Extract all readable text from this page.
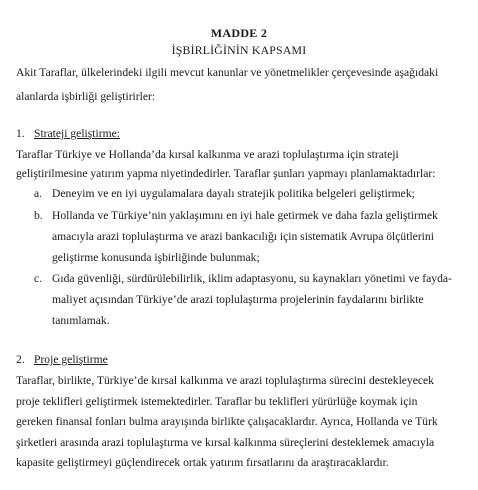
MADDE 2
İŞBİRLİĞİNİN KAPSAMI
Akit Taraflar, ülkelerindeki ilgili mevcut kanunlar ve yönetmelikler çerçevesinde aşağıdaki
alanlarda işbirliği geliştirirler:
1. Strateji geliştirme:
Taraflar Türkiye ve Hollanda’da kırsal kalkınma ve arazi toplulaştırma için strateji
geliştirilmesine yatırım yapma niyetindedirler. Taraflar şunları yapmayı planlamaktadırlar:
a. Deneyim ve en iyi uygulamalara dayalı stratejik politika belgeleri geliştirmek;
b. Hollanda ve Türkiye’nin yaklaşımını en iyi hale getirmek ve daha fazla geliştirmek
amacıyla arazi toplulaştırma ve arazi bankacılığı için sistematik Avrupa ölçütlerini
geliştirme konusunda işbirliğinde bulunmak;
c. Gıda güvenliği, sürdürülebilirlik, iklim adaptasyonu, su kaynakları yönetimi ve fayda-
maliyet açısından Türkiye’de arazi toplulaştırma projelerinin faydalarını birlikte
tanımlamak.
2. Proje geliştirme
Taraflar, birlikte, Türkiye’de kırsal kalkınma ve arazi toplulaştırma sürecini destekleyecek
proje teklifleri geliştirmek istemektedirler. Taraflar bu teklifleri yürürlüğe koymak için
gereken finansal fonları bulma arayışında birlikte çalışacaklardır. Ayrıca, Hollanda ve Türk
şirketleri arasında arazi toplulaştırma ve kırsal kalkınma süreçlerini desteklemek amacıyla
kapasite geliştirmeyi güçlendirecek ortak yatırım fırsatlarını da araştıracaklardır.
